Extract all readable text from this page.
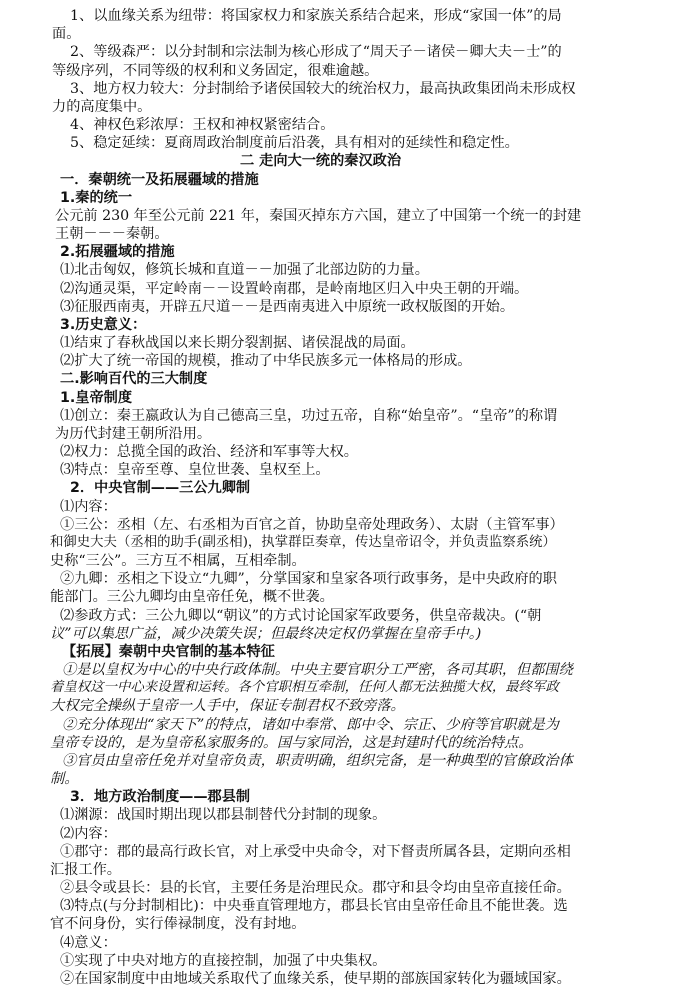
1、以血缘关系为纽带：将国家权力和家族关系结合起来，形成“家国一体”的局
面。
2、等级森严：以分封制和宗法制为核心形成了“周天子－诸侯－卿大夫－士”的
等级序列，不同等级的权利和义务固定，很难逾越。
3、地方权力较大：分封制给予诸侯国较大的统治权力，最高执政集团尚未形成权
力的高度集中。
4、神权色彩浓厚：王权和神权紧密结合。
5、稳定延续：夏商周政治制度前后沿袭，具有相对的延续性和稳定性。
二 走向大一统的秦汉政治
一．秦朝统一及拓展疆域的措施
1.秦的统一
公元前 230 年至公元前 221 年，秦国灭掉东方六国，建立了中国第一个统一的封建
王朝－－－秦朝。
2.拓展疆域的措施
⑴北击匈奴，修筑长城和直道－－加强了北部边防的力量。
⑵沟通灵渠，平定岭南－－设置岭南郡，是岭南地区归入中央王朝的开端。
⑶征服西南夷，开辟五尺道－－是西南夷进入中原统一政权版图的开始。
3.历史意义：
⑴结束了春秋战国以来长期分裂割据、诸侯混战的局面。
⑵扩大了统一帝国的规模，推动了中华民族多元一体格局的形成。
二.影响百代的三大制度
1.皇帝制度
⑴创立：秦王嬴政认为自己德高三皇，功过五帝，自称“始皇帝”。“皇帝”的称谓
为历代封建王朝所沿用。
⑵权力：总揽全国的政治、经济和军事等大权。
⑶特点：皇帝至尊、皇位世袭、皇权至上。
2．中央官制——三公九卿制
⑴内容：
①三公：丞相（左、右丞相为百官之首，协助皇帝处理政务）、太尉（主管军事）
和御史大夫（丞相的助手(副丞相)，执掌群臣奏章，传达皇帝诏令，并负责监察系统）
史称“三公”。三方互不相属，互相牵制。
②九卿：丞相之下设立“九卿”，分掌国家和皇家各项行政事务，是中央政府的职
能部门。三公九卿均由皇帝任免，概不世袭。
⑵参政方式：三公九卿以“朝议”的方式讨论国家军政要务，供皇帝裁决。(“朝
议”可以集思广益，减少决策失误；但最终决定权仍掌握在皇帝手中。)
【拓展】秦朝中央官制的基本特征
①是以皇权为中心的中央行政体制。中央主要官职分工严密，各司其职，但都围绕
着皇权这一中心来设置和运转。各个官职相互牵制，任何人都无法独揽大权，最终军政
大权完全操纵于皇帝一人手中，保证专制君权不致旁落。
②充分体现出“家天下”的特点，诸如中奉常、郎中令、宗正、少府等官职就是为
皇帝专设的，是为皇帝私家服务的。国与家同治，这是封建时代的统治特点。
③官员由皇帝任免并对皇帝负责，职责明确，组织完备，是一种典型的官僚政治体
制。
3．地方政治制度——郡县制
⑴渊源：战国时期出现以郡县制替代分封制的现象。
⑵内容：
①郡守：郡的最高行政长官，对上承受中央命令，对下督责所属各县，定期向丞相
汇报工作。
②县令或县长：县的长官，主要任务是治理民众。郡守和县令均由皇帝直接任命。
⑶特点(与分封制相比)：中央垂直管理地方，郡县长官由皇帝任命且不能世袭。选
官不问身份，实行俸禄制度，没有封地。
⑷意义：
①实现了中央对地方的直接控制，加强了中央集权。
②在国家制度中由地域关系取代了血缘关系，使早期的部族国家转化为疆域国家。
